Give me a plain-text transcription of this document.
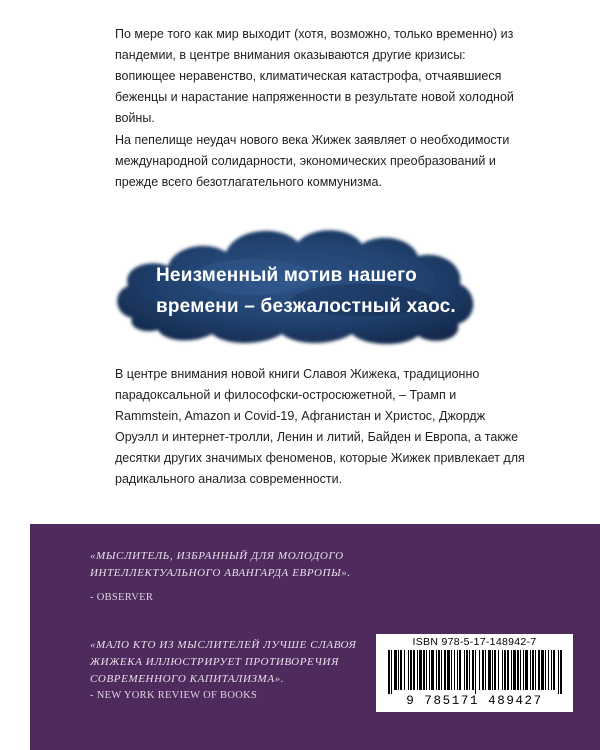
По мере того как мир выходит (хотя, возможно, только временно) из пандемии, в центре внимания оказываются другие кризисы: вопиющее неравенство, климатическая катастрофа, отчаявшиеся беженцы и нарастание напряженности в результате новой холодной войны.

На пепелище неудач нового века Жижек заявляет о необходимости международной солидарности, экономических преобразований и прежде всего безотлагательного коммунизма.

Неизменный мотив нашего
времени – безжалостный хаос.

В центре внимания новой книги Славоя Жижека, традиционно парадоксальной и философски-остросюжетной, – Трамп и Rammstein, Amazon и Covid-19, Афганистан и Христос, Джордж Оруэлл и интернет-тролли, Ленин и литий, Байден и Европа, а также десятки других значимых феноменов, которые Жижек привлекает для радикального анализа современности.

«МЫСЛИТЕЛЬ, ИЗБРАННЫЙ ДЛЯ МОЛОДОГО ИНТЕЛЛЕКТУАЛЬНОГО АВАНГАРДА ЕВРОПЫ».

- OBSERVER

«МАЛО КТО ИЗ МЫСЛИТЕЛЕЙ ЛУЧШЕ СЛАВОЯ ЖИЖЕКА ИЛЛЮСТРИРУЕТ ПРОТИВОРЕЧИЯ СОВРЕМЕННОГО КАПИТАЛИЗМА».

- NEW YORK REVIEW OF BOOKS

ISBN 978-5-17-148942-7
9 785171 489427
